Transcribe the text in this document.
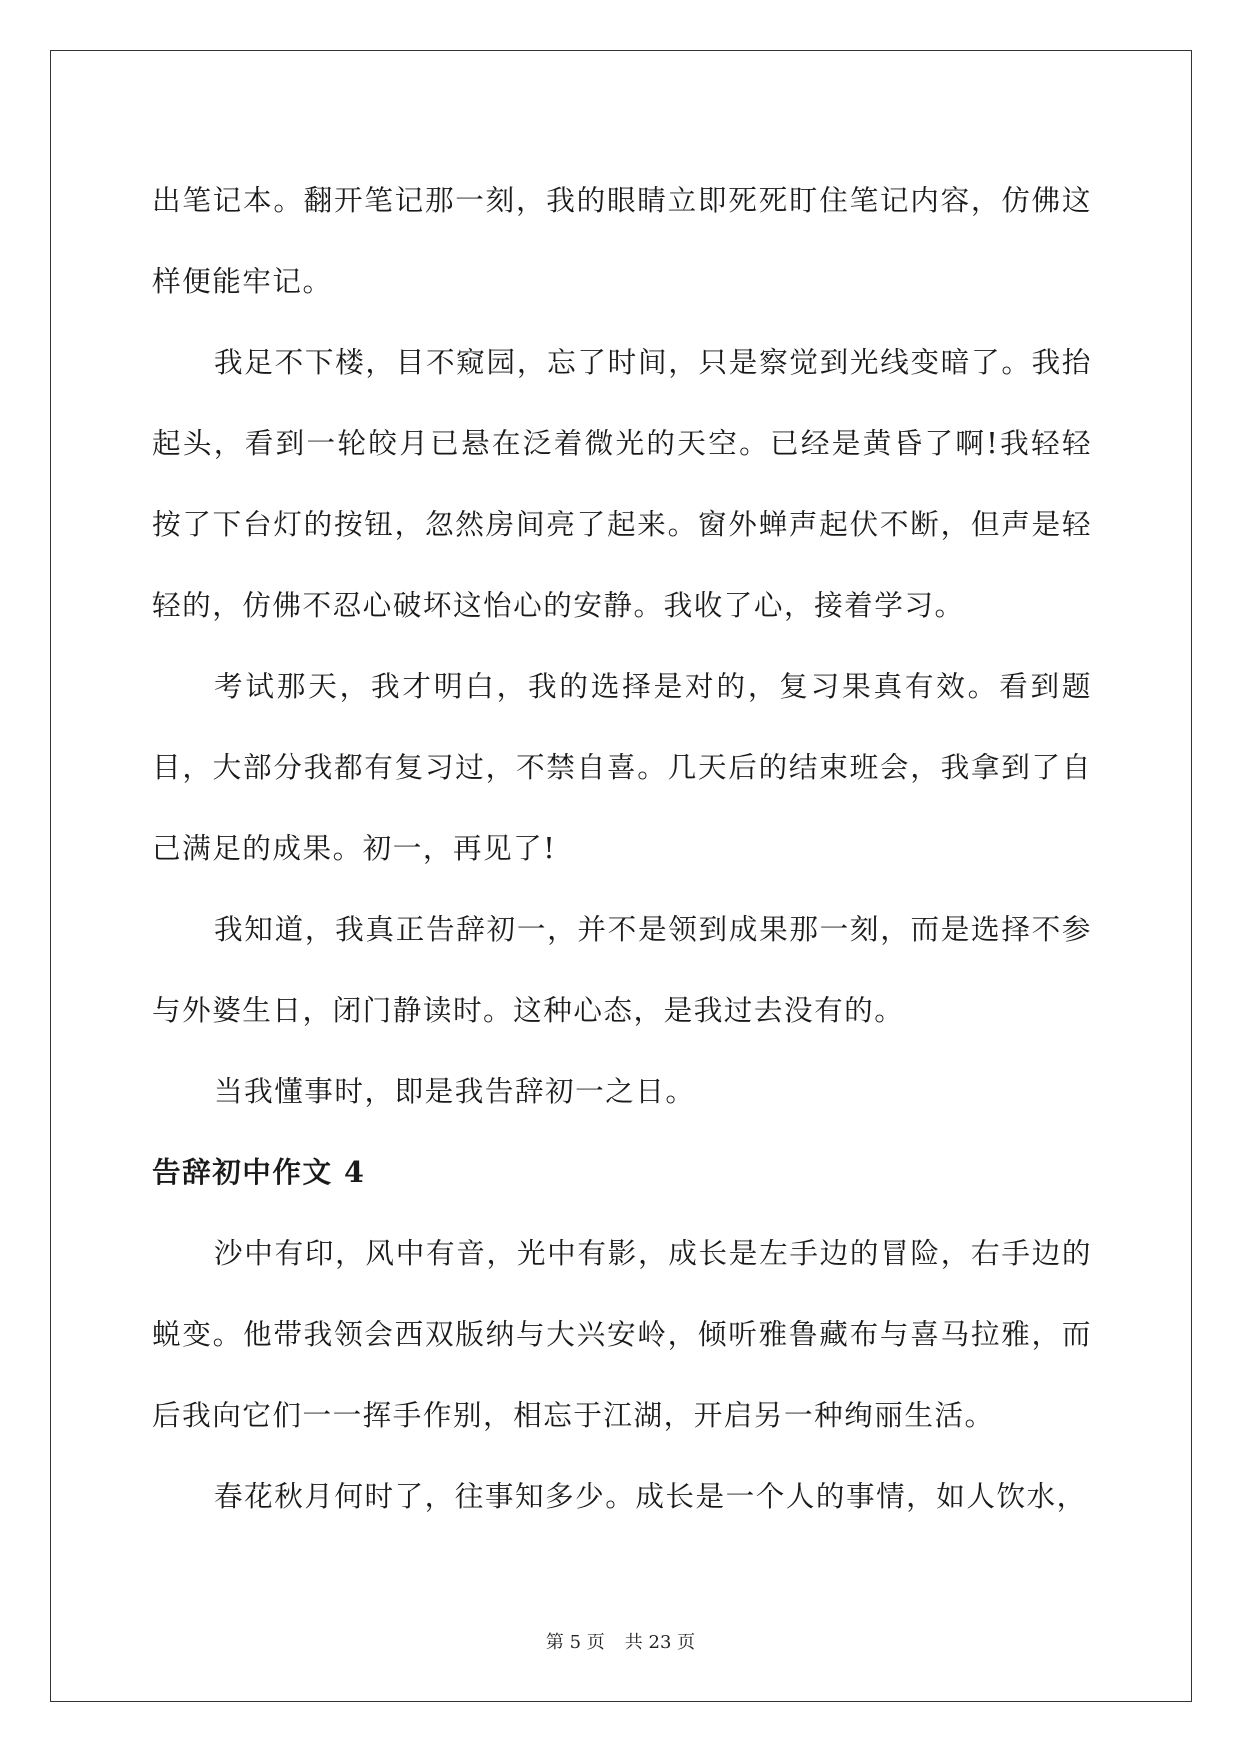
出笔记本。翻开笔记那一刻，我的眼睛立即死死盯住笔记内容，仿佛这样便能牢记。

我足不下楼，目不窥园，忘了时间，只是察觉到光线变暗了。我抬起头，看到一轮皎月已悬在泛着微光的天空。已经是黄昏了啊!我轻轻按了下台灯的按钮，忽然房间亮了起来。窗外蝉声起伏不断，但声是轻轻的，仿佛不忍心破坏这怡心的安静。我收了心，接着学习。

考试那天，我才明白，我的选择是对的，复习果真有效。看到题目，大部分我都有复习过，不禁自喜。几天后的结束班会，我拿到了自己满足的成果。初一，再见了!

我知道，我真正告辞初一，并不是领到成果那一刻，而是选择不参与外婆生日，闭门静读时。这种心态，是我过去没有的。

当我懂事时，即是我告辞初一之日。

告辞初中作文 4

沙中有印，风中有音，光中有影，成长是左手边的冒险，右手边的蜕变。他带我领会西双版纳与大兴安岭，倾听雅鲁藏布与喜马拉雅，而后我向它们一一挥手作别，相忘于江湖，开启另一种绚丽生活。

春花秋月何时了，往事知多少。成长是一个人的事情，如人饮水，

第 5 页 共 23 页
